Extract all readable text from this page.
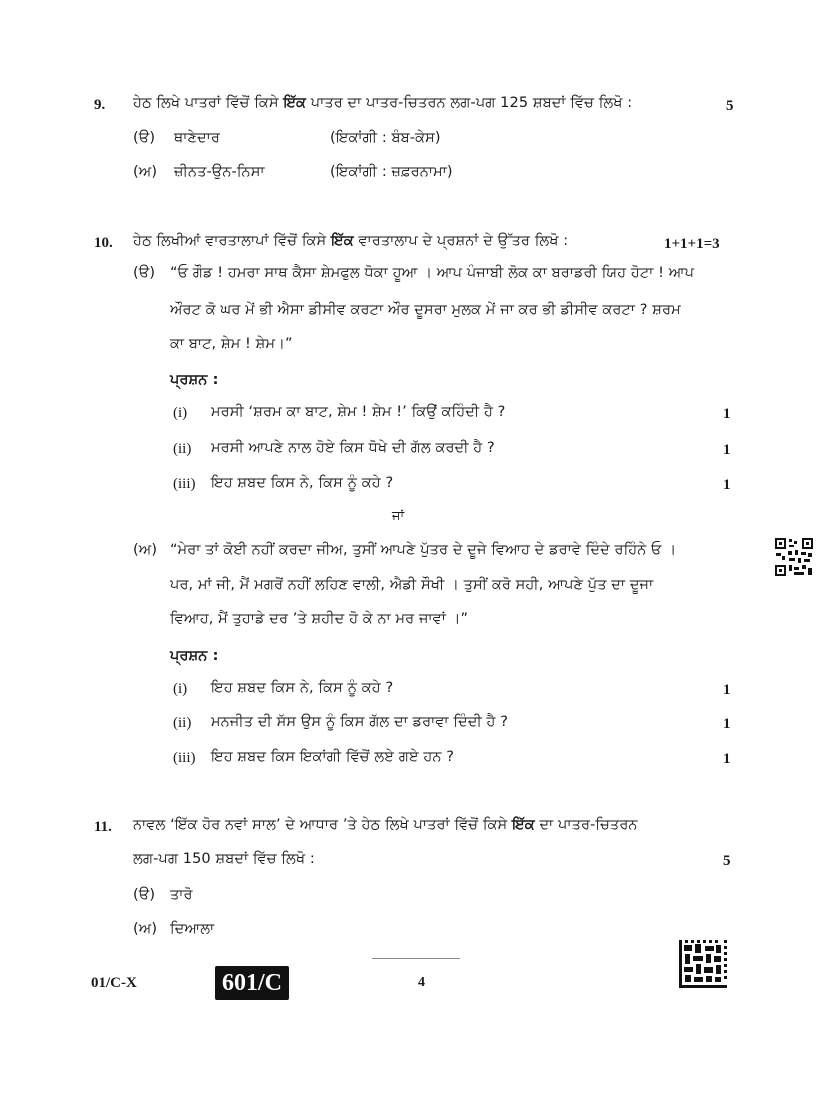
9. ਹੇਠ ਲਿਖੇ ਪਾਤਰਾਂ ਵਿੱਚੋਂ ਕਿਸੇ ਇੱਕ ਪਾਤਰ ਦਾ ਪਾਤਰ-ਚਿਤਰਨ ਲਗ-ਪਗ 125 ਸ਼ਬਦਾਂ ਵਿੱਚ ਲਿਖੋ :	5
(ੳ) ਥਾਣੇਦਾਰ	(ਇਕਾਂਗੀ : ਬੰਬ-ਕੇਸ)
(ਅ) ਜ਼ੀਨਤ-ਉਨ-ਨਿਸਾ	(ਇਕਾਂਗੀ : ਜ਼ਫ਼ਰਨਾਮਾ)
10. ਹੇਠ ਲਿਖੀਆਂ ਵਾਰਤਾਲਾਪਾਂ ਵਿੱਚੋਂ ਕਿਸੇ ਇੱਕ ਵਾਰਤਾਲਾਪ ਦੇ ਪ੍ਰਸ਼ਨਾਂ ਦੇ ਉੱਤਰ ਲਿਖੋ :	1+1+1=3
(ੳ) “ਓ ਗੌਡ ! ਹਮਰਾ ਸਾਥ ਕੈਸਾ ਸ਼ੇਮਫੁਲ ਧੋਕਾ ਹੂਆ । ਆਪ ਪੰਜਾਬੀ ਲੋਕ ਕਾ ਬਰਾਡਰੀ ਯਿਹ ਹੋਟਾ ! ਆਪ
ਔਰਟ ਕੋ ਘਰ ਮੇਂ ਭੀ ਐਸਾ ਡੀਸੀਵ ਕਰਟਾ ਔਰ ਦੂਸਰਾ ਮੁਲਕ ਮੇਂ ਜਾ ਕਰ ਭੀ ਡੀਸੀਵ ਕਰਟਾ ? ਸ਼ਰਮ
ਕਾ ਬਾਟ, ਸ਼ੇਮ ! ਸ਼ੇਮ।”
ਪ੍ਰਸ਼ਨ :
(i) ਮਰਸੀ ‘ਸ਼ਰਮ ਕਾ ਬਾਟ, ਸ਼ੇਮ ! ਸ਼ੇਮ !’ ਕਿਉਂ ਕਹਿੰਦੀ ਹੈ ?	1
(ii) ਮਰਸੀ ਆਪਣੇ ਨਾਲ ਹੋਏ ਕਿਸ ਧੋਖੇ ਦੀ ਗੱਲ ਕਰਦੀ ਹੈ ?	1
(iii) ਇਹ ਸ਼ਬਦ ਕਿਸ ਨੇ, ਕਿਸ ਨੂੰ ਕਹੇ ?	1
ਜਾਂ
(ਅ) “ਮੇਰਾ ਤਾਂ ਕੋਈ ਨਹੀਂ ਕਰਦਾ ਜੀਅ, ਤੁਸੀਂ ਆਪਣੇ ਪੁੱਤਰ ਦੇ ਦੂਜੇ ਵਿਆਹ ਦੇ ਡਰਾਵੇ ਦਿੰਦੇ ਰਹਿੰਨੇ ਓ ।
ਪਰ, ਮਾਂ ਜੀ, ਮੈਂ ਮਗਰੋਂ ਨਹੀਂ ਲਹਿਣ ਵਾਲੀ, ਐਡੀ ਸੌਖੀ । ਤੁਸੀਂ ਕਰੋ ਸਹੀ, ਆਪਣੇ ਪੁੱਤ ਦਾ ਦੂਜਾ
ਵਿਆਹ, ਮੈਂ ਤੁਹਾਡੇ ਦਰ ’ਤੇ ਸ਼ਹੀਦ ਹੋ ਕੇ ਨਾ ਮਰ ਜਾਵਾਂ ।”
ਪ੍ਰਸ਼ਨ :
(i) ਇਹ ਸ਼ਬਦ ਕਿਸ ਨੇ, ਕਿਸ ਨੂੰ ਕਹੇ ?	1
(ii) ਮਨਜੀਤ ਦੀ ਸੱਸ ਉਸ ਨੂੰ ਕਿਸ ਗੱਲ ਦਾ ਡਰਾਵਾ ਦਿੰਦੀ ਹੈ ?	1
(iii) ਇਹ ਸ਼ਬਦ ਕਿਸ ਇਕਾਂਗੀ ਵਿੱਚੋਂ ਲਏ ਗਏ ਹਨ ?	1
11. ਨਾਵਲ ‘ਇੱਕ ਹੋਰ ਨਵਾਂ ਸਾਲ’ ਦੇ ਆਧਾਰ ’ਤੇ ਹੇਠ ਲਿਖੇ ਪਾਤਰਾਂ ਵਿੱਚੋਂ ਕਿਸੇ ਇੱਕ ਦਾ ਪਾਤਰ-ਚਿਤਰਨ
ਲਗ-ਪਗ 150 ਸ਼ਬਦਾਂ ਵਿੱਚ ਲਿਖੋ :	5
(ੳ) ਤਾਰੋ
(ਅ) ਦਿਆਲਾ
01/C-X	601/C	4
